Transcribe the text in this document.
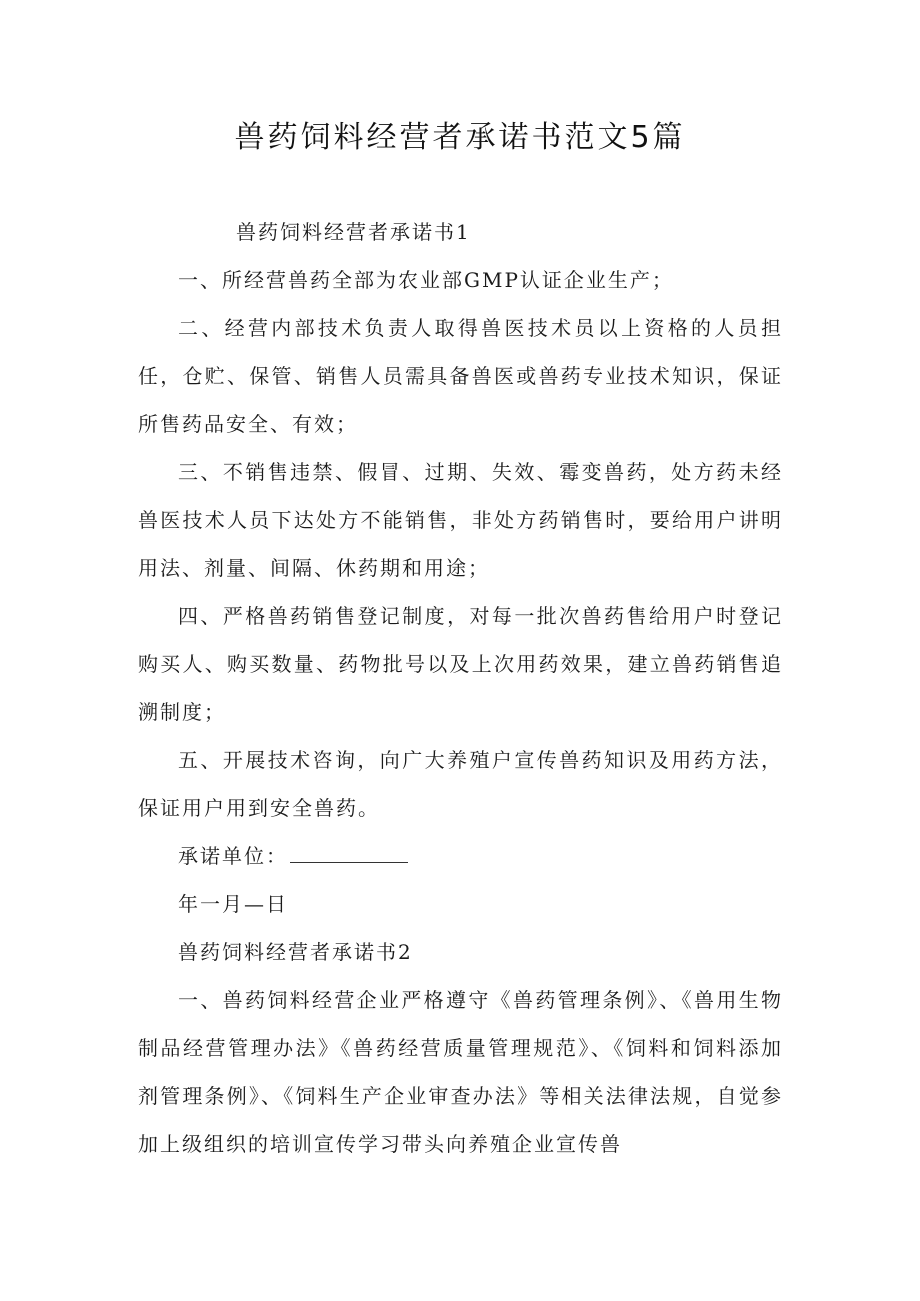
兽药饲料经营者承诺书范文5篇

兽药饲料经营者承诺书1

一、所经营兽药全部为农业部GMP认证企业生产；

二、经营内部技术负责人取得兽医技术员以上资格的人员担任，仓贮、保管、销售人员需具备兽医或兽药专业技术知识，保证所售药品安全、有效；

三、不销售违禁、假冒、过期、失效、霉变兽药，处方药未经兽医技术人员下达处方不能销售，非处方药销售时，要给用户讲明用法、剂量、间隔、休药期和用途；

四、严格兽药销售登记制度，对每一批次兽药售给用户时登记购买人、购买数量、药物批号以及上次用药效果，建立兽药销售追溯制度；

五、开展技术咨询，向广大养殖户宣传兽药知识及用药方法，保证用户用到安全兽药。

承诺单位：

年一月—日

兽药饲料经营者承诺书2

一、兽药饲料经营企业严格遵守《兽药管理条例》、《兽用生物制品经营管理办法》《兽药经营质量管理规范》、《饲料和饲料添加剂管理条例》、《饲料生产企业审查办法》等相关法律法规，自觉参加上级组织的培训宣传学习带头向养殖企业宣传兽
